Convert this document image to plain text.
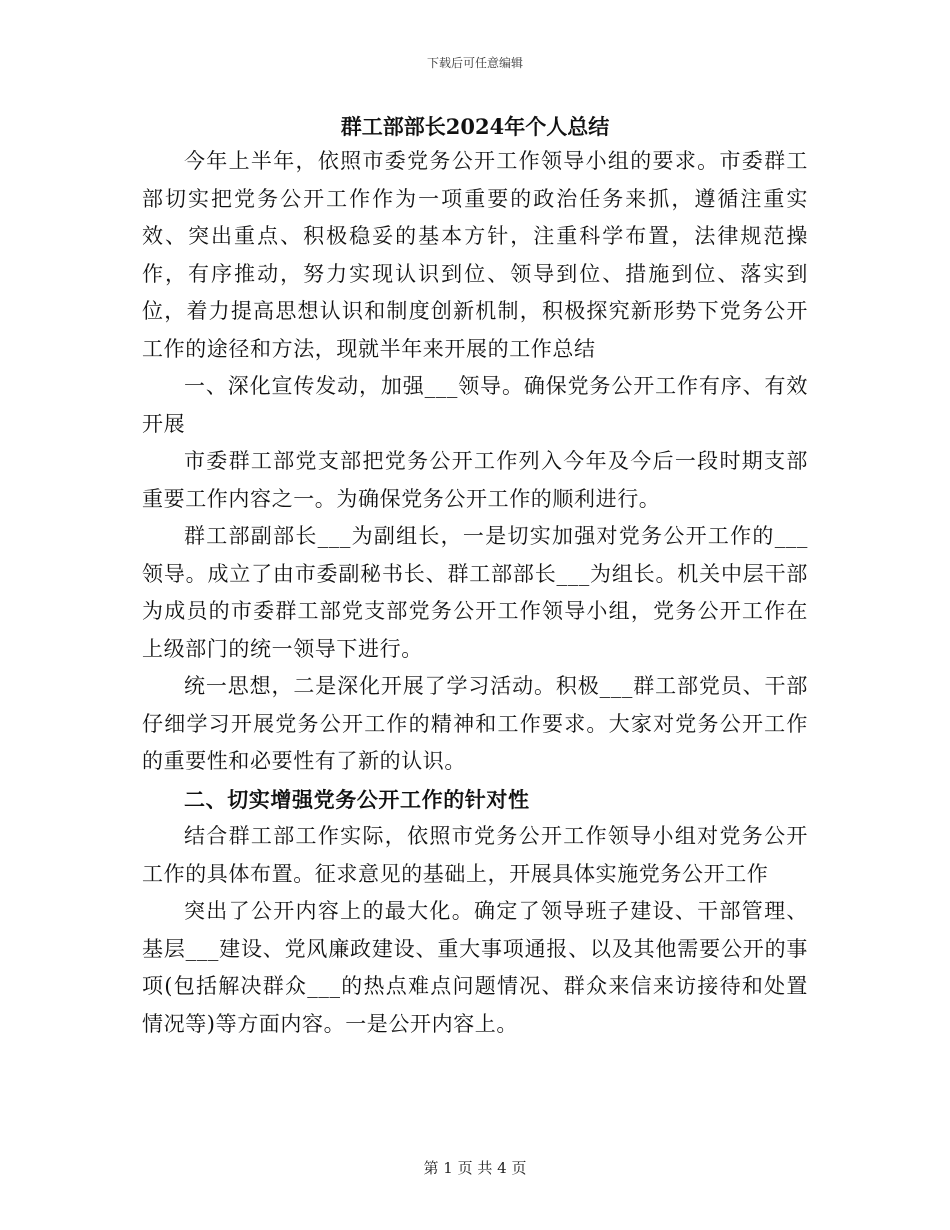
下载后可任意编辑
群工部部长2024年个人总结

今年上半年，依照市委党务公开工作领导小组的要求。市委群工部切实把党务公开工作作为一项重要的政治任务来抓，遵循注重实效、突出重点、积极稳妥的基本方针，注重科学布置，法律规范操作，有序推动，努力实现认识到位、领导到位、措施到位、落实到位，着力提高思想认识和制度创新机制，积极探究新形势下党务公开工作的途径和方法，现就半年来开展的工作总结

一、深化宣传发动，加强___领导。确保党务公开工作有序、有效开展

市委群工部党支部把党务公开工作列入今年及今后一段时期支部重要工作内容之一。为确保党务公开工作的顺利进行。

群工部副部长___为副组长，一是切实加强对党务公开工作的___领导。成立了由市委副秘书长、群工部部长___为组长。机关中层干部为成员的市委群工部党支部党务公开工作领导小组，党务公开工作在上级部门的统一领导下进行。

统一思想，二是深化开展了学习活动。积极___群工部党员、干部仔细学习开展党务公开工作的精神和工作要求。大家对党务公开工作的重要性和必要性有了新的认识。

二、切实增强党务公开工作的针对性

结合群工部工作实际，依照市党务公开工作领导小组对党务公开工作的具体布置。征求意见的基础上，开展具体实施党务公开工作

突出了公开内容上的最大化。确定了领导班子建设、干部管理、基层___建设、党风廉政建设、重大事项通报、以及其他需要公开的事项(包括解决群众___的热点难点问题情况、群众来信来访接待和处置情况等)等方面内容。一是公开内容上。

第 1 页 共 4 页
